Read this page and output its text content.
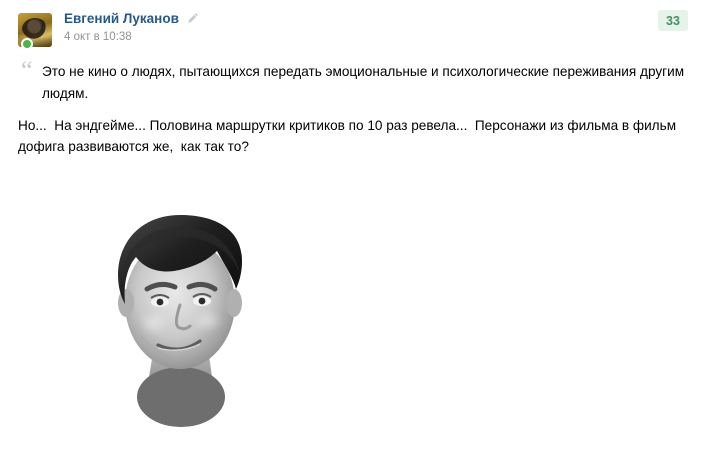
Евгений Луканов
4 окт в 10:38
33
“ Это не кино о людях, пытающихся передать эмоциональные и психологические переживания другим людям.
Но...  На эндгейме... Половина маршрутки критиков по 10 раз ревела...  Персонажи из фильма в фильм дофига развиваются же,  как так то?
